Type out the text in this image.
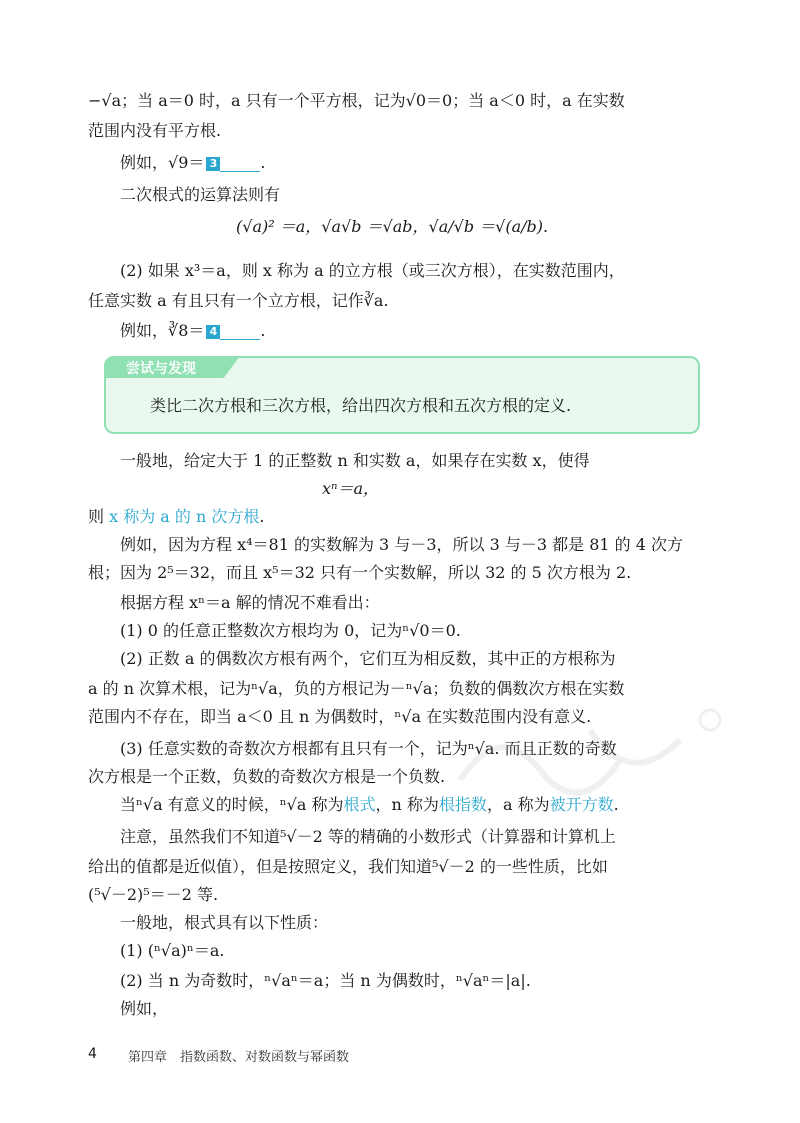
−√a；当 a＝0 时，a 只有一个平方根，记为√0＝0；当 a＜0 时，a 在实数
范围内没有平方根.
例如，√9＝ 3	.
二次根式的运算法则有
(√a)² ＝a，√a√b ＝√ab，√a/√b ＝√(a/b).
(2) 如果 x³＝a，则 x 称为 a 的立方根（或三次方根），在实数范围内，
任意实数 a 有且只有一个立方根，记作∛a.
例如，∛8＝ 4	.
尝试与发现
类比二次方根和三次方根，给出四次方根和五次方根的定义.
一般地，给定大于 1 的正整数 n 和实数 a，如果存在实数 x，使得
xⁿ＝a，
则 x 称为 a 的 n 次方根.
例如，因为方程 x⁴＝81 的实数解为 3 与－3，所以 3 与－3 都是 81 的 4 次方
根；因为 2⁵＝32，而且 x⁵＝32 只有一个实数解，所以 32 的 5 次方根为 2.
根据方程 xⁿ＝a 解的情况不难看出：
(1) 0 的任意正整数次方根均为 0，记为ⁿ√0＝0.
(2) 正数 a 的偶数次方根有两个，它们互为相反数，其中正的方根称为
a 的 n 次算术根，记为ⁿ√a，负的方根记为－ⁿ√a；负数的偶数次方根在实数
范围内不存在，即当 a＜0 且 n 为偶数时，ⁿ√a 在实数范围内没有意义.
(3) 任意实数的奇数次方根都有且只有一个，记为ⁿ√a. 而且正数的奇数
次方根是一个正数，负数的奇数次方根是一个负数.
当ⁿ√a 有意义的时候，ⁿ√a 称为根式，n 称为根指数，a 称为被开方数.
注意，虽然我们不知道⁵√－2 等的精确的小数形式（计算器和计算机上
给出的值都是近似值），但是按照定义，我们知道⁵√－2 的一些性质，比如
(⁵√－2)⁵＝－2 等.
一般地，根式具有以下性质：
(1) (ⁿ√a)ⁿ＝a.
(2) 当 n 为奇数时，ⁿ√aⁿ＝a；当 n 为偶数时，ⁿ√aⁿ＝|a|.
例如，
4 第四章　指数函数、对数函数与幂函数
